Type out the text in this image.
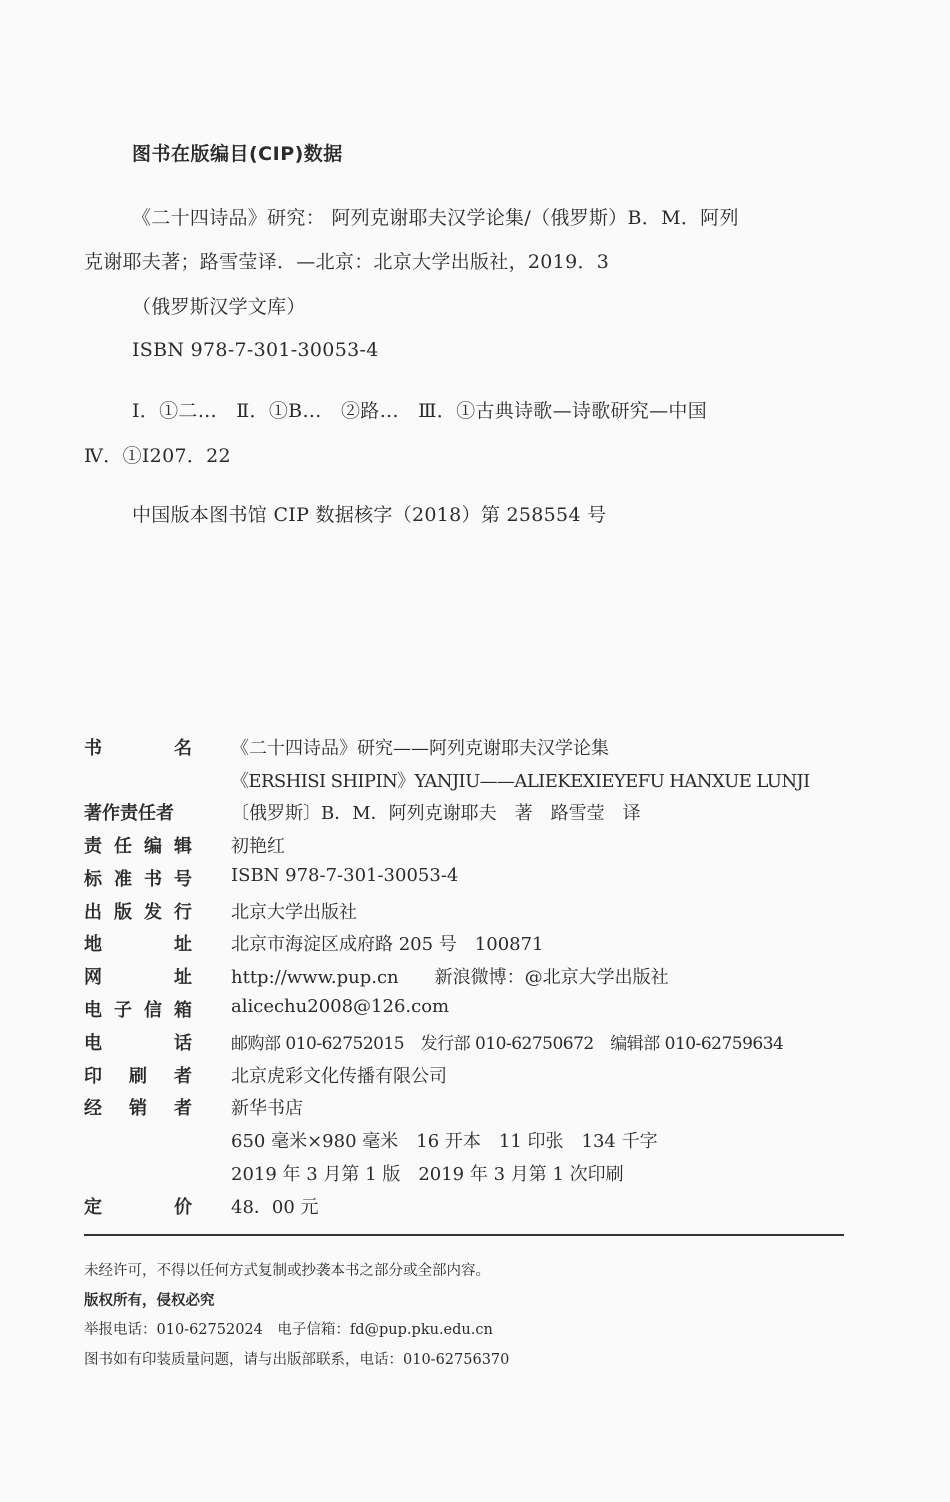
图书在版编目(CIP)数据
《二十四诗品》研究： 阿列克谢耶夫汉学论集/（俄罗斯）B．M．阿列
克谢耶夫著；路雪莹译．—北京：北京大学出版社，2019．3
（俄罗斯汉学文库）
ISBN 978-7-301-30053-4
Ⅰ．①二…　Ⅱ．①B…　②路…　Ⅲ．①古典诗歌—诗歌研究—中国
Ⅳ．①I207．22
中国版本图书馆 CIP 数据核字（2018）第 258554 号
书	名 《二十四诗品》研究——阿列克谢耶夫汉学论集
《ERSHISI SHIPIN》YANJIU——ALIEKEXIEYEFU HANXUE LUNJI
著作责任者	〔俄罗斯〕B．M．阿列克谢耶夫　著　路雪莹　译
责 任 编 辑 初艳红
标 准 书 号 ISBN 978-7-301-30053-4
出 版 发 行 北京大学出版社
地	址 北京市海淀区成府路 205 号　100871
网	址 http://www.pup.cn　　新浪微博：@北京大学出版社
电 子 信 箱 alicechu2008@126.com
电	话 邮购部 010-62752015　发行部 010-62750672　编辑部 010-62759634
印 刷 者 北京虎彩文化传播有限公司
经 销 者 新华书店
650 毫米×980 毫米　16 开本　11 印张　134 千字
2019 年 3 月第 1 版　2019 年 3 月第 1 次印刷
定	价 48．00 元
未经许可，不得以任何方式复制或抄袭本书之部分或全部内容。
版权所有，侵权必究
举报电话：010-62752024　电子信箱：fd@pup.pku.edu.cn
图书如有印装质量问题，请与出版部联系，电话：010-62756370
